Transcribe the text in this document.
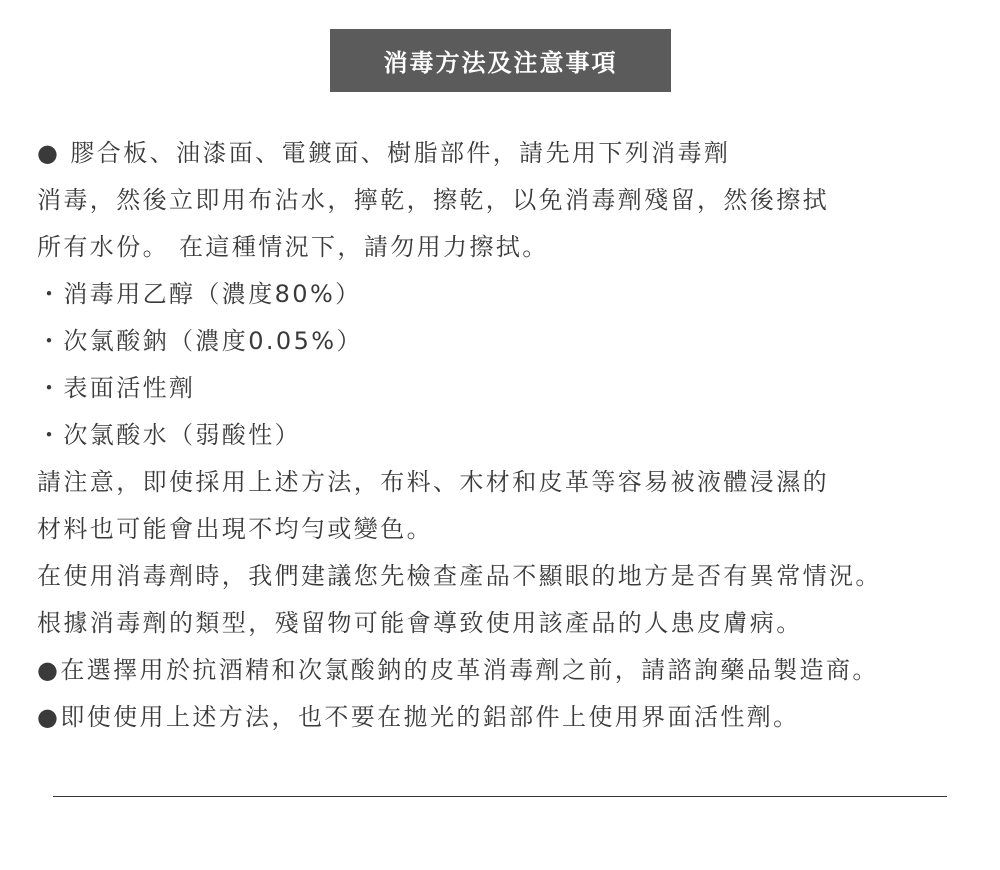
消毒方法及注意事項
● 膠合板、油漆面、電鍍面、樹脂部件，請先用下列消毒劑
消毒，然後立即用布沾水，擰乾，擦乾，以免消毒劑殘留，然後擦拭
所有水份。 在這種情況下，請勿用力擦拭。
・消毒用乙醇（濃度80%）
・次氯酸鈉（濃度0.05%）
・表面活性劑
・次氯酸水（弱酸性）
請注意，即使採用上述方法，布料、木材和皮革等容易被液體浸濕的
材料也可能會出現不均勻或變色。
在使用消毒劑時，我們建議您先檢查產品不顯眼的地方是否有異常情況。
根據消毒劑的類型，殘留物可能會導致使用該產品的人患皮膚病。
●在選擇用於抗酒精和次氯酸鈉的皮革消毒劑之前，請諮詢藥品製造商。
●即使使用上述方法，也不要在拋光的鋁部件上使用界面活性劑。
